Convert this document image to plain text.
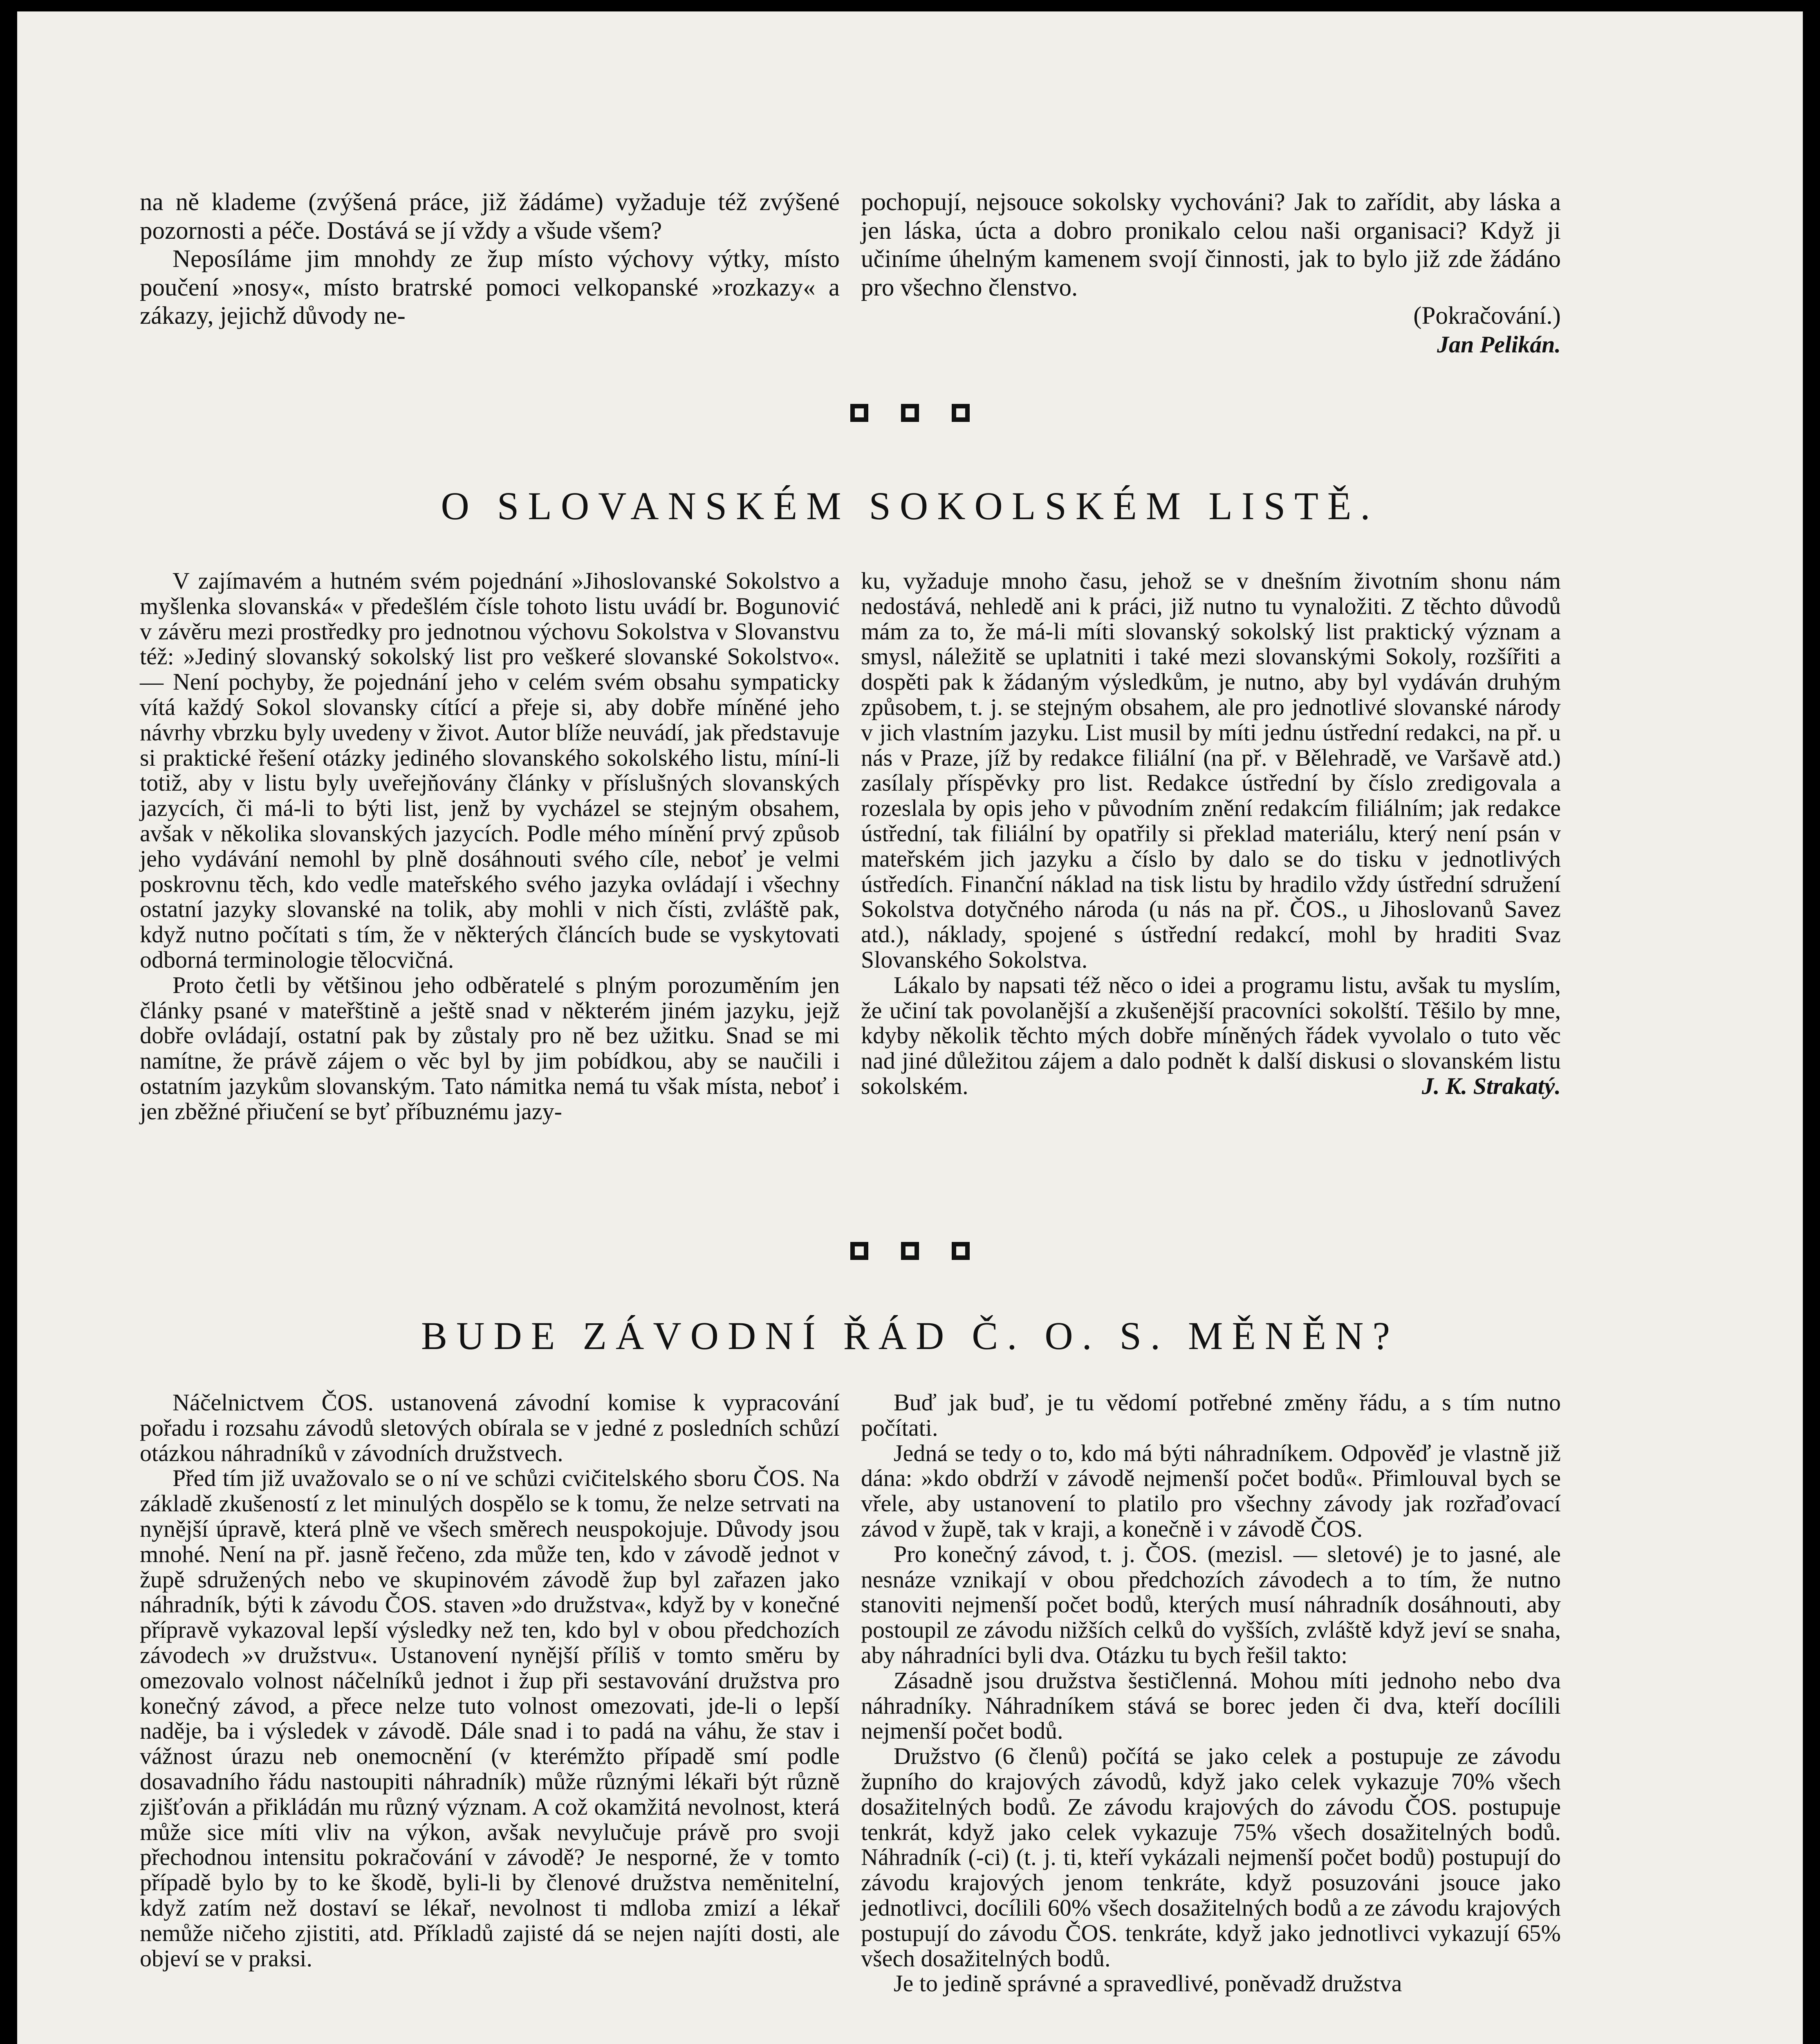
na ně klademe (zvýšená práce, již žádáme) vyžaduje též zvýšené pozornosti a péče. Dostává se jí vždy a všude všem?

Neposíláme jim mnohdy ze žup místo výchovy výtky, místo poučení »nosy«, místo bratrské pomoci velkopanské »rozkazy« a zákazy, jejichž důvody ne-

pochopují, nejsouce sokolsky vychováni? Jak to zařídit, aby láska a jen láska, úcta a dobro pronikalo celou naši organisaci? Když ji učiníme úhelným kamenem svojí činnosti, jak to bylo již zde žádáno pro všechno členstvo.

(Pokračování.)
Jan Pelikán.
O SLOVANSKÉM SOKOLSKÉM LISTĚ.

V zajímavém a hutném svém pojednání »Jihoslovanské Sokolstvo a myšlenka slovanská« v předešlém čísle tohoto listu uvádí br. Bogunović v závěru mezi prostředky pro jednotnou výchovu Sokolstva v Slovanstvu též: »Jediný slovanský sokolský list pro veškeré slovanské Sokolstvo«. — Není pochyby, že pojednání jeho v celém svém obsahu sympaticky vítá každý Sokol slovansky cítící a přeje si, aby dobře míněné jeho návrhy vbrzku byly uvedeny v život. Autor blíže neuvádí, jak představuje si praktické řešení otázky jediného slovanského sokolského listu, míní-li totiž, aby v listu byly uveřejňovány články v příslušných slovanských jazycích, či má-li to býti list, jenž by vycházel se stejným obsahem, avšak v několika slovanských jazycích. Podle mého mínění prvý způsob jeho vydávání nemohl by plně dosáhnouti svého cíle, neboť je velmi poskrovnu těch, kdo vedle mateřského svého jazyka ovládají i všechny ostatní jazyky slovanské na tolik, aby mohli v nich čísti, zvláště pak, když nutno počítati s tím, že v některých článcích bude se vyskytovati odborná terminologie tělocvičná.

Proto četli by většinou jeho odběratelé s plným porozuměním jen články psané v mateřštině a ještě snad v některém jiném jazyku, jejž dobře ovládají, ostatní pak by zůstaly pro ně bez užitku. Snad se mi namítne, že právě zájem o věc byl by jim pobídkou, aby se naučili i ostatním jazykům slovanským. Tato námitka nemá tu však místa, neboť i jen zběžné přiučení se byť příbuznému jazy-

ku, vyžaduje mnoho času, jehož se v dnešním životním shonu nám nedostává, nehledě ani k práci, již nutno tu vynaložiti. Z těchto důvodů mám za to, že má-li míti slovanský sokolský list praktický význam a smysl, náležitě se uplatniti i také mezi slovanskými Sokoly, rozšířiti a dospěti pak k žádaným výsledkům, je nutno, aby byl vydáván druhým způsobem, t. j. se stejným obsahem, ale pro jednotlivé slovanské národy v jich vlastním jazyku. List musil by míti jednu ústřední redakci, na př. u nás v Praze, jíž by redakce filiální (na př. v Bělehradě, ve Varšavě atd.) zasílaly příspěvky pro list. Redakce ústřední by číslo zredigovala a rozeslala by opis jeho v původním znění redakcím filiálním; jak redakce ústřední, tak filiální by opatřily si překlad materiálu, který není psán v mateřském jich jazyku a číslo by dalo se do tisku v jednotlivých ústředích. Finanční náklad na tisk listu by hradilo vždy ústřední sdružení Sokolstva dotyčného národa (u nás na př. ČOS., u Jihoslovanů Savez atd.), náklady, spojené s ústřední redakcí, mohl by hraditi Svaz Slovanského Sokolstva.

Lákalo by napsati též něco o idei a programu listu, avšak tu myslím, že učiní tak povolanější a zkušenější pracovníci sokolští. Těšilo by mne, kdyby několik těchto mých dobře míněných řádek vyvolalo o tuto věc nad jiné důležitou zájem a dalo podnět k další diskusi o slovanském listu sokolském.	J. K. Strakatý.
BUDE ZÁVODNÍ ŘÁD Č. O. S. MĚNĚN?

Náčelnictvem ČOS. ustanovená závodní komise k vypracování pořadu i rozsahu závodů sletových obírala se v jedné z posledních schůzí otázkou náhradníků v závodních družstvech.

Před tím již uvažovalo se o ní ve schůzi cvičitelského sboru ČOS. Na základě zkušeností z let minulých dospělo se k tomu, že nelze setrvati na nynější úpravě, která plně ve všech směrech neuspokojuje. Důvody jsou mnohé. Není na př. jasně řečeno, zda může ten, kdo v závodě jednot v župě sdružených nebo ve skupinovém závodě žup byl zařazen jako náhradník, býti k závodu ČOS. staven »do družstva«, když by v konečné přípravě vykazoval lepší výsledky než ten, kdo byl v obou předchozích závodech »v družstvu«. Ustanovení nynější příliš v tomto směru by omezovalo volnost náčelníků jednot i žup při sestavování družstva pro konečný závod, a přece nelze tuto volnost omezovati, jde-li o lepší naděje, ba i výsledek v závodě. Dále snad i to padá na váhu, že stav i vážnost úrazu neb onemocnění (v kterémžto případě smí podle dosavadního řádu nastoupiti náhradník) může různými lékaři být různě zjišťován a přikládán mu různý význam. A což okamžitá nevolnost, která může sice míti vliv na výkon, avšak nevylučuje právě pro svoji přechodnou intensitu pokračování v závodě? Je nesporné, že v tomto případě bylo by to ke škodě, byli-li by členové družstva neměnitelní, když zatím než dostaví se lékař, nevolnost ti mdloba zmizí a lékař nemůže ničeho zjistiti, atd. Příkladů zajisté dá se nejen najíti dosti, ale objeví se v praksi.

Buď jak buď, je tu vědomí potřebné změny řádu, a s tím nutno počítati.

Jedná se tedy o to, kdo má býti náhradníkem. Odpověď je vlastně již dána: »kdo obdrží v závodě nejmenší počet bodů«. Přimlouval bych se vřele, aby ustanovení to platilo pro všechny závody jak rozřaďovací závod v župě, tak v kraji, a konečně i v závodě ČOS.

Pro konečný závod, t. j. ČOS. (mezisl. — sletové) je to jasné, ale nesnáze vznikají v obou předchozích závodech a to tím, že nutno stanoviti nejmenší počet bodů, kterých musí náhradník dosáhnouti, aby postoupil ze závodu nižších celků do vyšších, zvláště když jeví se snaha, aby náhradníci byli dva. Otázku tu bych řešil takto:

Zásadně jsou družstva šestičlenná. Mohou míti jednoho nebo dva náhradníky. Náhradníkem stává se borec jeden či dva, kteří docílili nejmenší počet bodů.

Družstvo (6 členů) počítá se jako celek a postupuje ze závodu župního do krajových závodů, když jako celek vykazuje 70% všech dosažitelných bodů. Ze závodu krajových do závodu ČOS. postupuje tenkrát, když jako celek vykazuje 75% všech dosažitelných bodů. Náhradník (-ci) (t. j. ti, kteří vykázali nejmenší počet bodů) postupují do závodu krajových jenom tenkráte, když posuzováni jsouce jako jednotlivci, docílili 60% všech dosažitelných bodů a ze závodu krajových postupují do závodu ČOS. tenkráte, když jako jednotlivci vykazují 65% všech dosažitelných bodů.

Je to jedině správné a spravedlivé, poněvadž družstva
